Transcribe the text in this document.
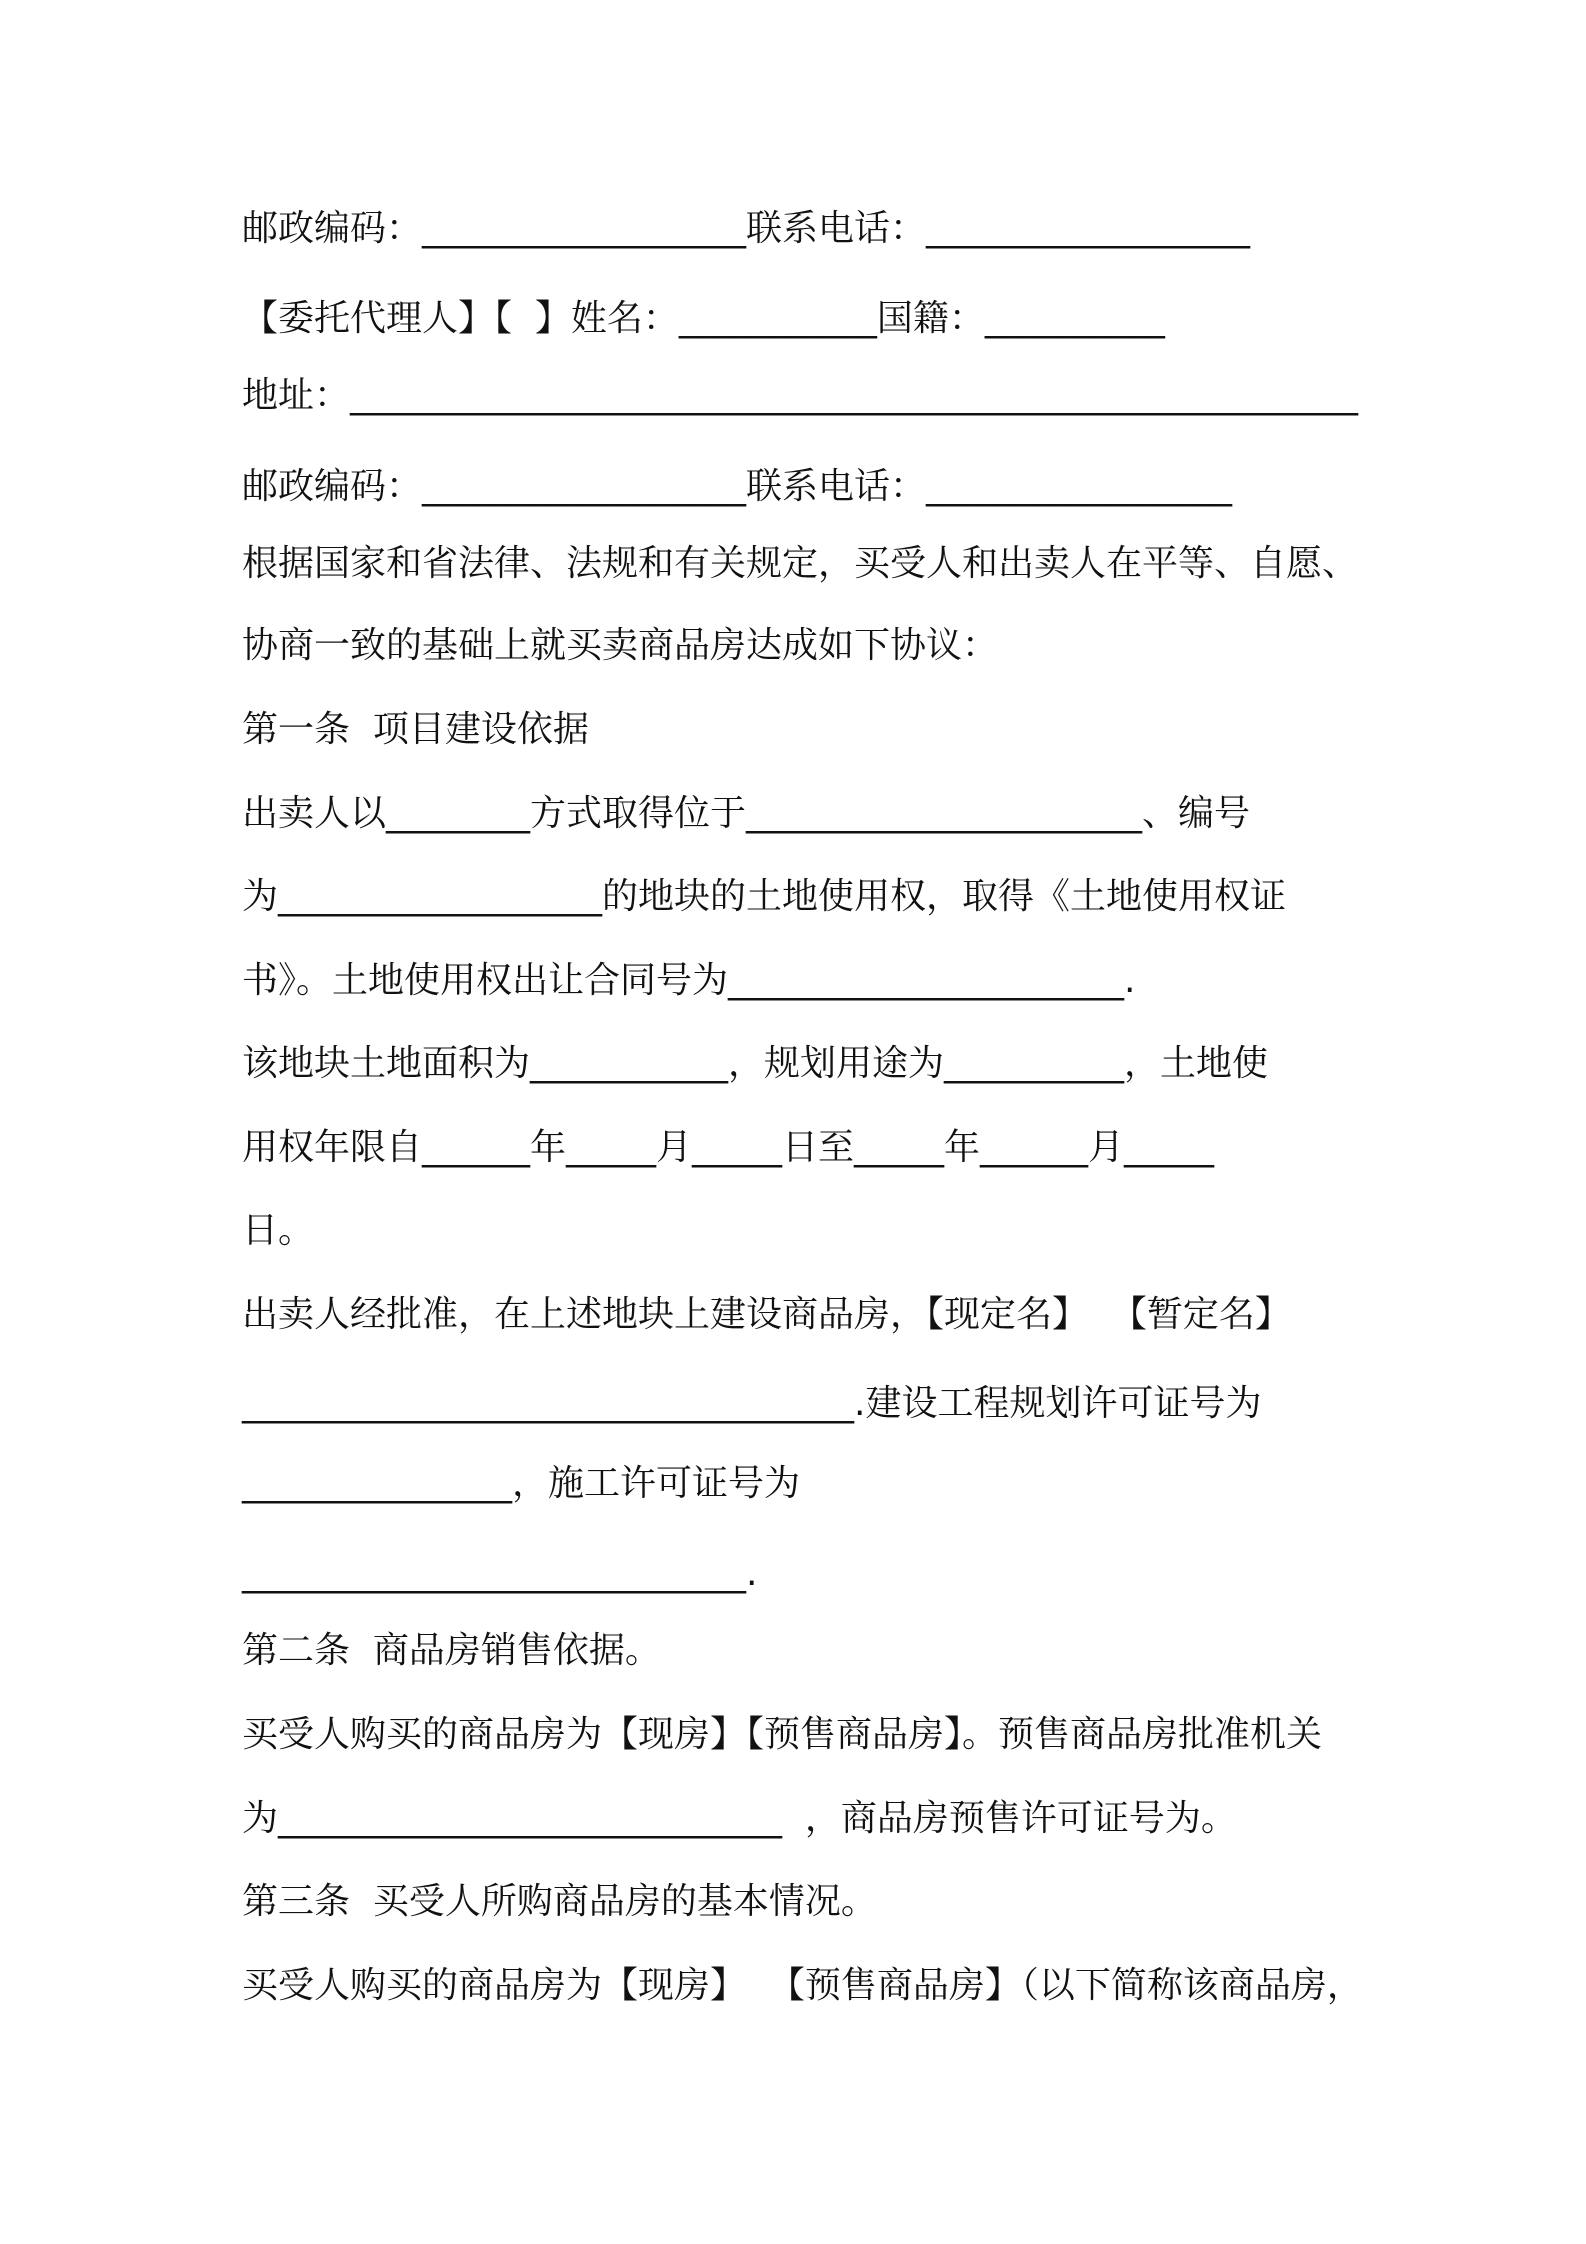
邮政编码：__________________联系电话：__________________
【委托代理人】【  】姓名：___________国籍：__________
地址：________________________________________________________
邮政编码：__________________联系电话：_________________
根据国家和省法律、法规和有关规定，买受人和出卖人在平等、自愿、
协商一致的基础上就买卖商品房达成如下协议：
第一条  项目建设依据
出卖人以________方式取得位于______________________、编号
为__________________的地块的土地使用权，取得《土地使用权证
书》。土地使用权出让合同号为______________________.
该地块土地面积为___________，规划用途为__________，土地使
用权年限自______年_____月_____日至_____年______月_____
日。
出卖人经批准，在上述地块上建设商品房，【现定名】  【暂定名】
__________________________________.建设工程规划许可证号为
_______________，施工许可证号为
____________________________.
第二条  商品房销售依据。
买受人购买的商品房为【现房】【预售商品房】。预售商品房批准机关
为____________________________  ，商品房预售许可证号为。
第三条  买受人所购商品房的基本情况。
买受人购买的商品房为【现房】  【预售商品房】（以下简称该商品房，
